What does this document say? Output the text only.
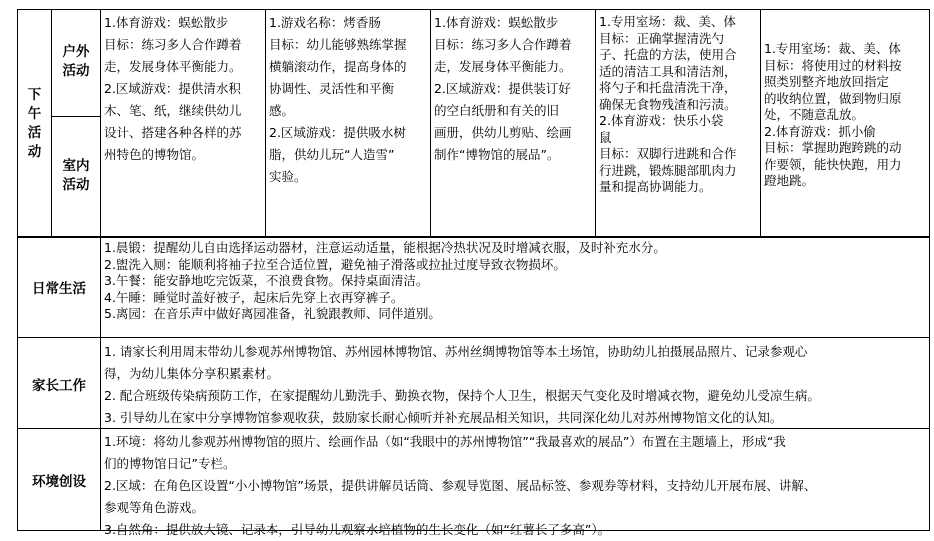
下
午
活
动
户外
活动
室内
活动
1.体育游戏：蜈蚣散步
目标：练习多人合作蹲着
走，发展身体平衡能力。
2.区域游戏：提供清水积
木、笔、纸，继续供幼儿
设计、搭建各种各样的苏
州特色的博物馆。
1.游戏名称：烤香肠
目标：幼儿能够熟练掌握
横躺滚动作，提高身体的
协调性、灵活性和平衡
感。
2.区域游戏：提供吸水树
脂，供幼儿玩“人造雪”
实验。
1.体育游戏：蜈蚣散步
目标：练习多人合作蹲着
走，发展身体平衡能力。
2.区域游戏：提供装订好
的空白纸册和有关的旧
画册，供幼儿剪贴、绘画
制作“博物馆的展品”。
1.专用室场：裁、美、体
目标：正确掌握清洗勺
子、托盘的方法，使用合
适的清洁工具和清洁剂，
将勺子和托盘清洗干净，
确保无食物残渣和污渍。
2.体育游戏：快乐小袋
鼠
目标：双脚行进跳和合作
行进跳，锻炼腿部肌肉力
量和提高协调能力。
1.专用室场：裁、美、体
目标：将使用过的材料按
照类别整齐地放回指定
的收纳位置，做到物归原
处，不随意乱放。
2.体育游戏：抓小偷
目标：掌握助跑跨跳的动
作要领，能快快跑，用力
蹬地跳。
日常生活
1.晨锻：提醒幼儿自由选择运动器材，注意运动适量，能根据冷热状况及时增减衣服，及时补充水分。
2.盥洗入厕：能顺利将袖子拉至合适位置，避免袖子滑落或拉扯过度导致衣物损坏。
3.午餐：能安静地吃完饭菜，不浪费食物。保持桌面清洁。
4.午睡：睡觉时盖好被子，起床后先穿上衣再穿裤子。
5.离园：在音乐声中做好离园准备，礼貌跟教师、同伴道别。
家长工作
1. 请家长利用周末带幼儿参观苏州博物馆、苏州园林博物馆、苏州丝绸博物馆等本土场馆，协助幼儿拍摄展品照片、记录参观心
得，为幼儿集体分享积累素材。
2. 配合班级传染病预防工作，在家提醒幼儿勤洗手、勤换衣物，保持个人卫生，根据天气变化及时增减衣物，避免幼儿受凉生病。
3. 引导幼儿在家中分享博物馆参观收获，鼓励家长耐心倾听并补充展品相关知识，共同深化幼儿对苏州博物馆文化的认知。
环境创设
1.环境：将幼儿参观苏州博物馆的照片、绘画作品（如“我眼中的苏州博物馆”“我最喜欢的展品”）布置在主题墙上，形成“我
们的博物馆日记”专栏。
2.区域：在角色区设置“小小博物馆”场景，提供讲解员话筒、参观导览图、展品标签、参观券等材料，支持幼儿开展布展、讲解、
参观等角色游戏。
3.自然角：提供放大镜、记录本，引导幼儿观察水培植物的生长变化（如“红薯长了多高”）。
